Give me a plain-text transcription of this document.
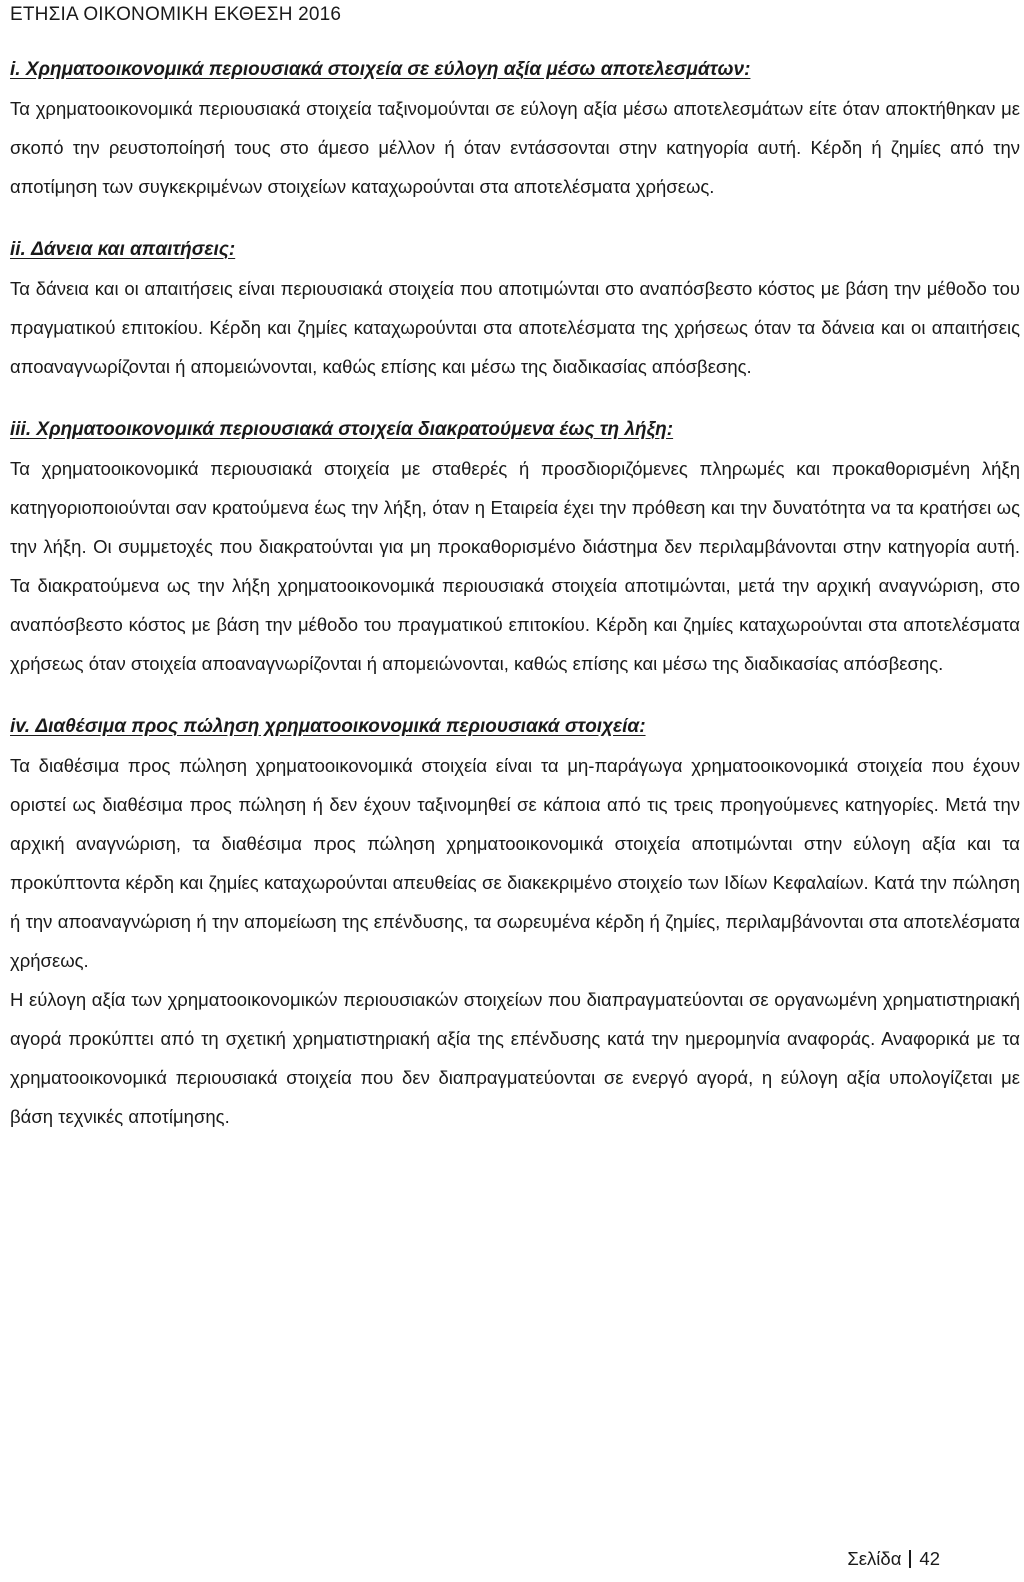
ΕΤΗΣΙΑ ΟΙΚΟΝΟΜΙΚΗ ΕΚΘΕΣΗ 2016
i. Χρηματοοικονομικά περιουσιακά στοιχεία σε εύλογη αξία μέσω αποτελεσμάτων:

Τα χρηματοοικονομικά περιουσιακά στοιχεία ταξινομούνται σε εύλογη αξία μέσω αποτελεσμάτων είτε όταν αποκτήθηκαν με σκοπό την ρευστοποίησή τους στο άμεσο μέλλον ή όταν εντάσσονται στην κατηγορία αυτή. Κέρδη ή ζημίες από την αποτίμηση των συγκεκριμένων στοιχείων καταχωρούνται στα αποτελέσματα χρήσεως.

ii. Δάνεια και απαιτήσεις:

Τα δάνεια και οι απαιτήσεις είναι περιουσιακά στοιχεία που αποτιμώνται στο αναπόσβεστο κόστος με βάση την μέθοδο του πραγματικού επιτοκίου. Κέρδη και ζημίες καταχωρούνται στα αποτελέσματα της χρήσεως όταν τα δάνεια και οι απαιτήσεις αποαναγνωρίζονται ή απομειώνονται, καθώς επίσης και μέσω της διαδικασίας απόσβεσης.

iii. Χρηματοοικονομικά περιουσιακά στοιχεία διακρατούμενα έως τη λήξη:

Τα χρηματοοικονομικά περιουσιακά στοιχεία με σταθερές ή προσδιοριζόμενες πληρωμές και προκαθορισμένη λήξη κατηγοριοποιούνται σαν κρατούμενα έως την λήξη, όταν η Εταιρεία έχει την πρόθεση και την δυνατότητα να τα κρατήσει ως την λήξη. Οι συμμετοχές που διακρατούνται για μη προκαθορισμένο διάστημα δεν περιλαμβάνονται στην κατηγορία αυτή. Τα διακρατούμενα ως την λήξη χρηματοοικονομικά περιουσιακά στοιχεία αποτιμώνται, μετά την αρχική αναγνώριση, στο αναπόσβεστο κόστος με βάση την μέθοδο του πραγματικού επιτοκίου. Κέρδη και ζημίες καταχωρούνται στα αποτελέσματα χρήσεως όταν στοιχεία αποαναγνωρίζονται ή απομειώνονται, καθώς επίσης και μέσω της διαδικασίας απόσβεσης.

iv. Διαθέσιμα προς πώληση χρηματοοικονομικά περιουσιακά στοιχεία:

Τα διαθέσιμα προς πώληση χρηματοοικονομικά στοιχεία είναι τα μη-παράγωγα χρηματοοικονομικά στοιχεία που έχουν οριστεί ως διαθέσιμα προς πώληση ή δεν έχουν ταξινομηθεί σε κάποια από τις τρεις προηγούμενες κατηγορίες. Μετά την αρχική αναγνώριση, τα διαθέσιμα προς πώληση χρηματοοικονομικά στοιχεία αποτιμώνται στην εύλογη αξία και τα προκύπτοντα κέρδη και ζημίες καταχωρούνται απευθείας σε διακεκριμένο στοιχείο των Ιδίων Κεφαλαίων. Κατά την πώληση ή την αποαναγνώριση ή την απομείωση της επένδυσης, τα σωρευμένα κέρδη ή ζημίες, περιλαμβάνονται στα αποτελέσματα χρήσεως.

Η εύλογη αξία των χρηματοοικονομικών περιουσιακών στοιχείων που διαπραγματεύονται σε οργανωμένη χρηματιστηριακή αγορά προκύπτει από τη σχετική χρηματιστηριακή αξία της επένδυσης κατά την ημερομηνία αναφοράς. Αναφορικά με τα χρηματοοικονομικά περιουσιακά στοιχεία που δεν διαπραγματεύονται σε ενεργό αγορά, η εύλογη αξία υπολογίζεται με βάση τεχνικές αποτίμησης.

Σελίδα 42
